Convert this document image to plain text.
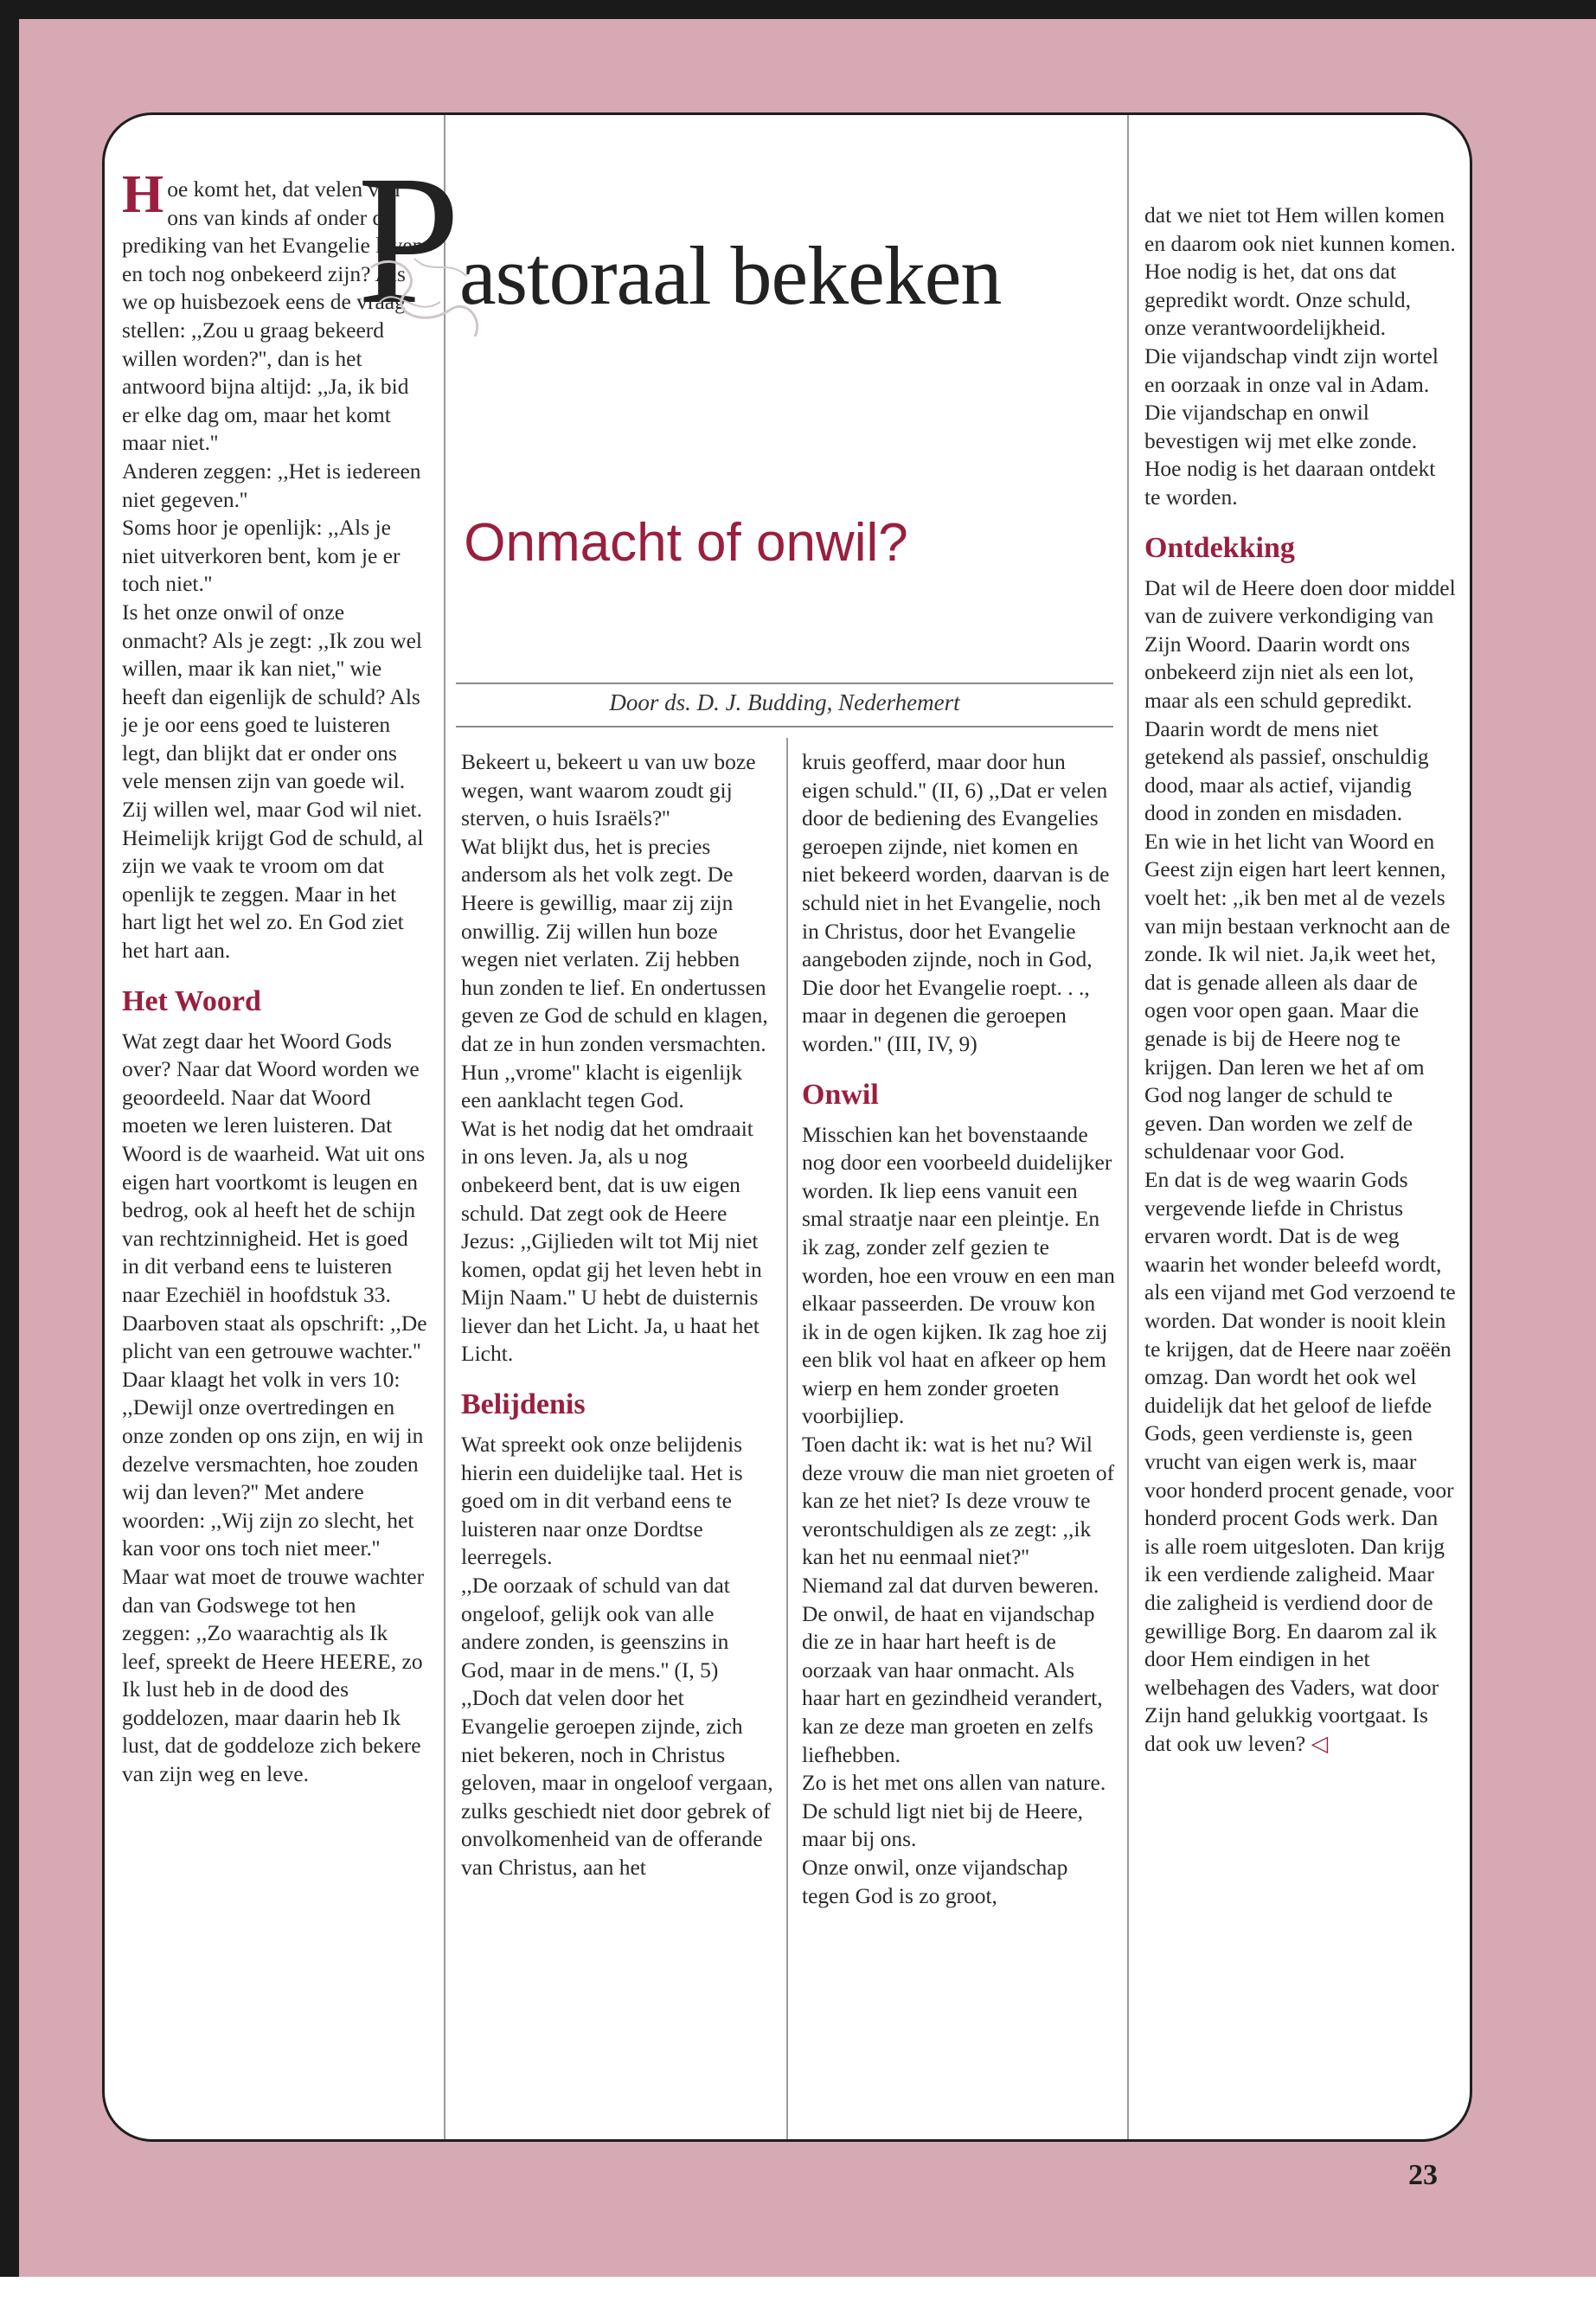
Hoe komt het, dat velen van ons van kinds af onder de prediking van het Evangelie leven en toch nog onbekeerd zijn? Als we op huisbezoek eens de vraag stellen: ,,Zou u graag bekeerd willen worden?'', dan is het antwoord bijna altijd: ,,Ja, ik bid er elke dag om, maar het komt maar niet.''

Anderen zeggen: ,,Het is iedereen niet gegeven.''

Soms hoor je openlijk: ,,Als je niet uitverkoren bent, kom je er toch niet.''

Is het onze onwil of onze onmacht? Als je zegt: ,,Ik zou wel willen, maar ik kan niet,'' wie heeft dan eigenlijk de schuld? Als je je oor eens goed te luisteren legt, dan blijkt dat er onder ons vele mensen zijn van goede wil. Zij willen wel, maar God wil niet. Heimelijk krijgt God de schuld, al zijn we vaak te vroom om dat openlijk te zeggen. Maar in het hart ligt het wel zo. En God ziet het hart aan.

Het Woord

Wat zegt daar het Woord Gods over? Naar dat Woord worden we geoordeeld. Naar dat Woord moeten we leren luisteren. Dat Woord is de waarheid. Wat uit ons eigen hart voortkomt is leugen en bedrog, ook al heeft het de schijn van rechtzinnigheid. Het is goed in dit verband eens te luisteren naar Ezechiël in hoofdstuk 33. Daarboven staat als opschrift: ,,De plicht van een getrouwe wachter.'' Daar klaagt het volk in vers 10: ,,Dewijl onze overtredingen en onze zonden op ons zijn, en wij in dezelve versmachten, hoe zouden wij dan leven?'' Met andere woorden: ,,Wij zijn zo slecht, het kan voor ons toch niet meer.''

Maar wat moet de trouwe wachter dan van Godswege tot hen zeggen: ,,Zo waarachtig als Ik leef, spreekt de Heere HEERE, zo Ik lust heb in de dood des goddelozen, maar daarin heb Ik lust, dat de goddeloze zich bekere van zijn weg en leve.

P
astoraal bekeken
Onmacht of onwil?
Door ds. D. J. Budding, Nederhemert

Bekeert u, bekeert u van uw boze wegen, want waarom zoudt gij sterven, o huis Israëls?''

Wat blijkt dus, het is precies andersom als het volk zegt. De Heere is gewillig, maar zij zijn onwillig. Zij willen hun boze wegen niet verlaten. Zij hebben hun zonden te lief. En ondertussen geven ze God de schuld en klagen, dat ze in hun zonden versmachten.

Hun ,,vrome'' klacht is eigenlijk een aanklacht tegen God.

Wat is het nodig dat het omdraait in ons leven. Ja, als u nog onbekeerd bent, dat is uw eigen schuld. Dat zegt ook de Heere Jezus: ,,Gijlieden wilt tot Mij niet komen, opdat gij het leven hebt in Mijn Naam.'' U hebt de duisternis liever dan het Licht. Ja, u haat het Licht.

Belijdenis

Wat spreekt ook onze belijdenis hierin een duidelijke taal. Het is goed om in dit verband eens te luisteren naar onze Dordtse leerregels.

,,De oorzaak of schuld van dat ongeloof, gelijk ook van alle andere zonden, is geenszins in God, maar in de mens.'' (I, 5) ,,Doch dat velen door het Evangelie geroepen zijnde, zich niet bekeren, noch in Christus geloven, maar in ongeloof vergaan, zulks geschiedt niet door gebrek of onvolkomenheid van de offerande van Christus, aan het

kruis geofferd, maar door hun eigen schuld.'' (II, 6) ,,Dat er velen door de bediening des Evangelies geroepen zijnde, niet komen en niet bekeerd worden, daarvan is de schuld niet in het Evangelie, noch in Christus, door het Evangelie aangeboden zijnde, noch in God, Die door het Evangelie roept. . ., maar in degenen die geroepen worden.'' (III, IV, 9)

Onwil

Misschien kan het bovenstaande nog door een voorbeeld duidelijker worden. Ik liep eens vanuit een smal straatje naar een pleintje. En ik zag, zonder zelf gezien te worden, hoe een vrouw en een man elkaar passeerden. De vrouw kon ik in de ogen kijken. Ik zag hoe zij een blik vol haat en afkeer op hem wierp en hem zonder groeten voorbijliep.

Toen dacht ik: wat is het nu? Wil deze vrouw die man niet groeten of kan ze het niet? Is deze vrouw te verontschuldigen als ze zegt: ,,ik kan het nu eenmaal niet?''

Niemand zal dat durven beweren. De onwil, de haat en vijandschap die ze in haar hart heeft is de oorzaak van haar onmacht. Als haar hart en gezindheid verandert, kan ze deze man groeten en zelfs liefhebben.

Zo is het met ons allen van nature. De schuld ligt niet bij de Heere, maar bij ons.

Onze onwil, onze vijandschap tegen God is zo groot,

dat we niet tot Hem willen komen en daarom ook niet kunnen komen. Hoe nodig is het, dat ons dat gepredikt wordt. Onze schuld, onze verantwoordelijkheid.

Die vijandschap vindt zijn wortel en oorzaak in onze val in Adam. Die vijandschap en onwil bevestigen wij met elke zonde. Hoe nodig is het daaraan ontdekt te worden.

Ontdekking

Dat wil de Heere doen door middel van de zuivere verkondiging van Zijn Woord. Daarin wordt ons onbekeerd zijn niet als een lot, maar als een schuld gepredikt. Daarin wordt de mens niet getekend als passief, onschuldig dood, maar als actief, vijandig dood in zonden en misdaden.

En wie in het licht van Woord en Geest zijn eigen hart leert kennen, voelt het: ,,ik ben met al de vezels van mijn bestaan verknocht aan de zonde. Ik wil niet. Ja,ik weet het, dat is genade alleen als daar de ogen voor open gaan. Maar die genade is bij de Heere nog te krijgen. Dan leren we het af om God nog langer de schuld te geven. Dan worden we zelf de schuldenaar voor God.

En dat is de weg waarin Gods vergevende liefde in Christus ervaren wordt. Dat is de weg waarin het wonder beleefd wordt, als een vijand met God verzoend te worden. Dat wonder is nooit klein te krijgen, dat de Heere naar zoëën omzag. Dan wordt het ook wel duidelijk dat het geloof de liefde Gods, geen verdienste is, geen vrucht van eigen werk is, maar voor honderd procent genade, voor honderd procent Gods werk. Dan is alle roem uitgesloten. Dan krijg ik een verdiende zaligheid. Maar die zaligheid is verdiend door de gewillige Borg. En daarom zal ik door Hem eindigen in het welbehagen des Vaders, wat door Zijn hand gelukkig voortgaat. Is dat ook uw leven? ◁

23
